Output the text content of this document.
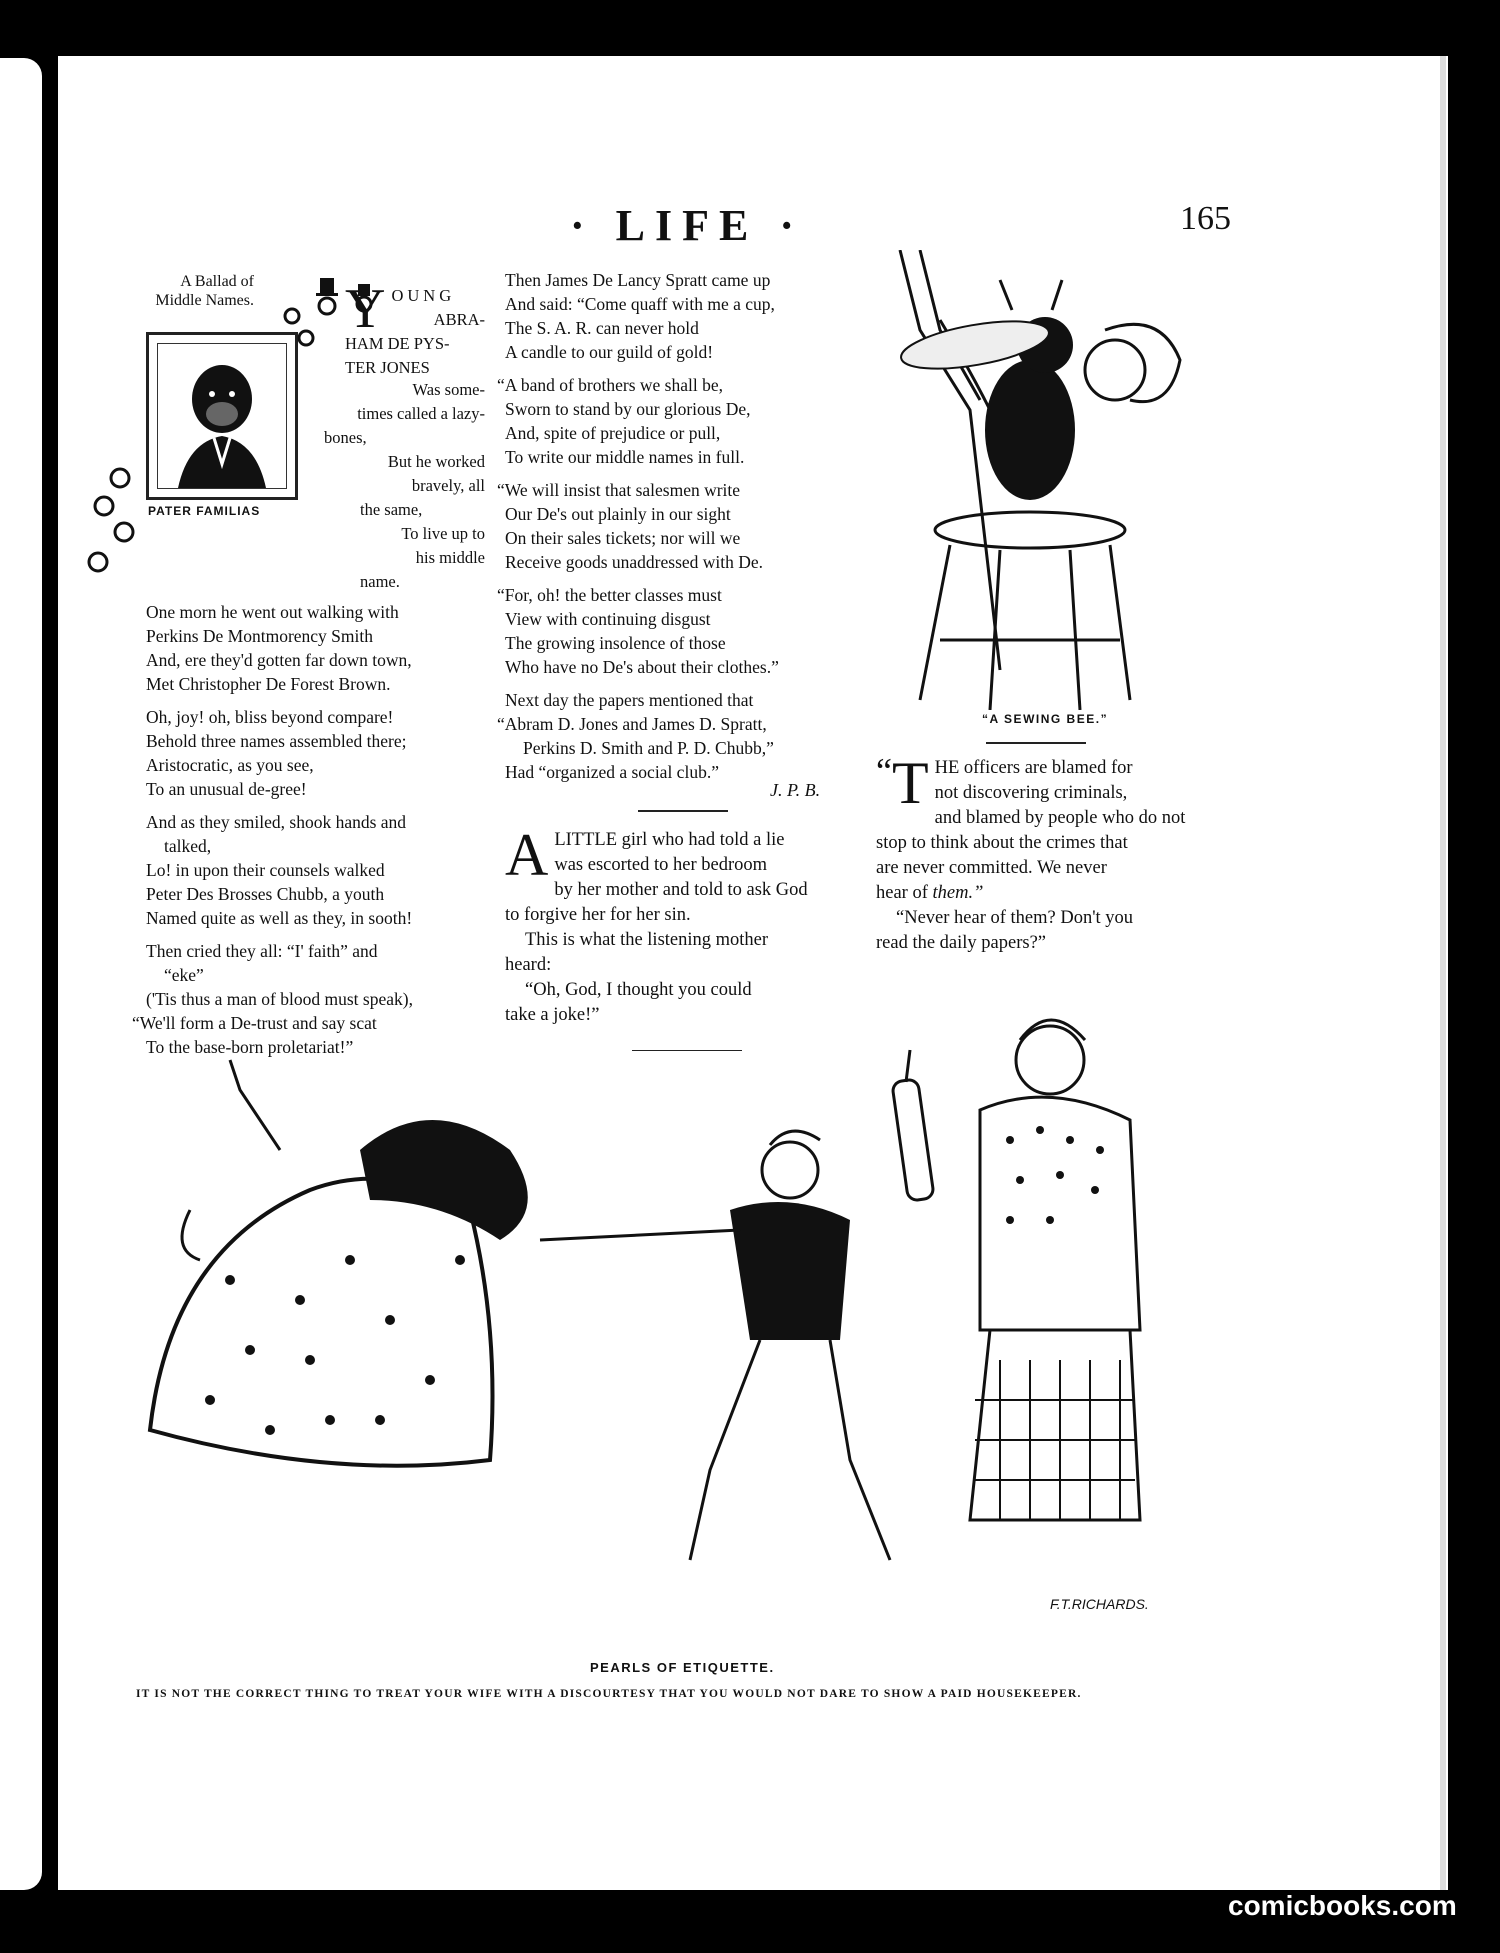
· LIFE ·	165
A Ballad of
Middle Names.
PATER FAMILIAS
Y OUNG
ABRA-
HAM DE PYS-
TER JONES
Was some-
times called a lazy-
bones,
But he worked
bravely, all
the same,
To live up to
his middle
name.

One morn he went out walking with
Perkins De Montmorency Smith
And, ere they'd gotten far down town,
Met Christopher De Forest Brown.

Oh, joy! oh, bliss beyond compare!
Behold three names assembled there;
Aristocratic, as you see,
To an unusual de-gree!

And as they smiled, shook hands and
talked,
Lo! in upon their counsels walked
Peter Des Brosses Chubb, a youth
Named quite as well as they, in sooth!

Then cried they all: “I' faith” and
“eke”
('Tis thus a man of blood must speak),
“We'll form a De-trust and say scat
To the base-born proletariat!”

Then James De Lancy Spratt came up
And said: “Come quaff with me a cup,
The S. A. R. can never hold
A candle to our guild of gold!

“A band of brothers we shall be,
Sworn to stand by our glorious De,
And, spite of prejudice or pull,
To write our middle names in full.

“We will insist that salesmen write
Our De's out plainly in our sight
On their sales tickets; nor will we
Receive goods unaddressed with De.

“For, oh! the better classes must
View with continuing disgust
The growing insolence of those
Who have no De's about their clothes.”

Next day the papers mentioned that
“Abram D. Jones and James D. Spratt,
Perkins D. Smith and P. D. Chubb,”
Had “organized a social club.”

J. P. B.
A LITTLE girl who had told a lie
was escorted to her bedroom
by her mother and told to ask God
to forgive her for her sin.
This is what the listening mother
heard:
“Oh, God, I thought you could
take a joke!”
“A SEWING BEE.”
“ T HE officers are blamed for
not discovering criminals,
and blamed by people who do not
stop to think about the crimes that
are never committed. We never
hear of them.”
“Never hear of them? Don't you
read the daily papers?”
F.T.RICHARDS.
PEARLS OF ETIQUETTE.
IT IS NOT THE CORRECT THING TO TREAT YOUR WIFE WITH A DISCOURTESY THAT YOU WOULD NOT DARE TO SHOW A PAID HOUSEKEEPER.
comicbooks.com
